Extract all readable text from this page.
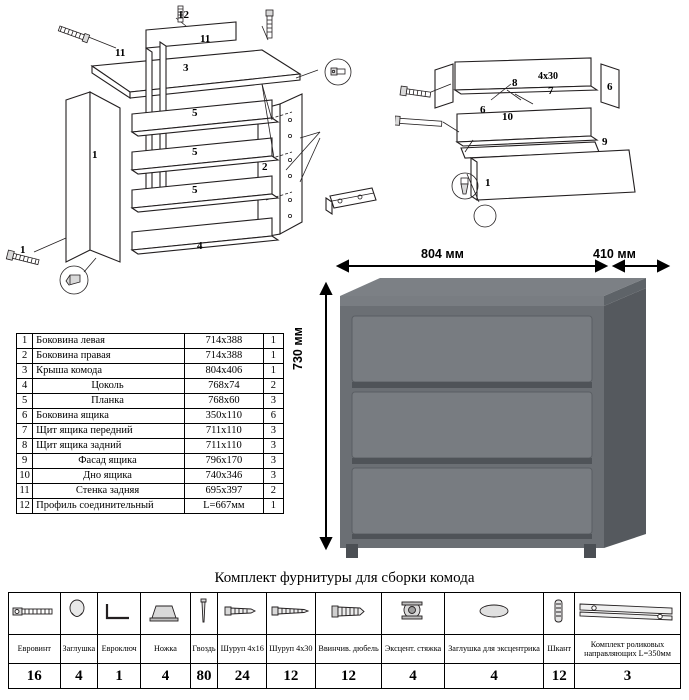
1
2
3
4
5
5
5
11
11
12
1
6
6
7
8
9
10
4x30
1
1	Боковина левая	714х388	1
2	Боковина правая	714х388	1
3	Крыша комода	804х406	1
4	Цоколь	768х74	2
5	Планка	768х60	3
6	Боковина ящика	350х110	6
7	Щит ящика передний	711х110	3
8	Щит ящика задний	711х110	3
9	Фасад ящика	796х170	3
10	Дно ящика	740х346	3
11	Стенка задняя	695х397	2
12	Профиль соединительный	L=667мм	1
804 мм	410 мм
730 мм
Комплект фурнитуры для сборки комода

Евровинт	Заглушка	Евроключ	Ножка	Гвоздь	Шуруп 4х16	Шуруп 4х30	Ввинчив. дюбель	Эксцент. стяжка	Заглушка для эксцентрика	Шкант	Комплект роликовых направляющих L=350мм
16	4	1	4	80	24	12	12	4	4	12	3
